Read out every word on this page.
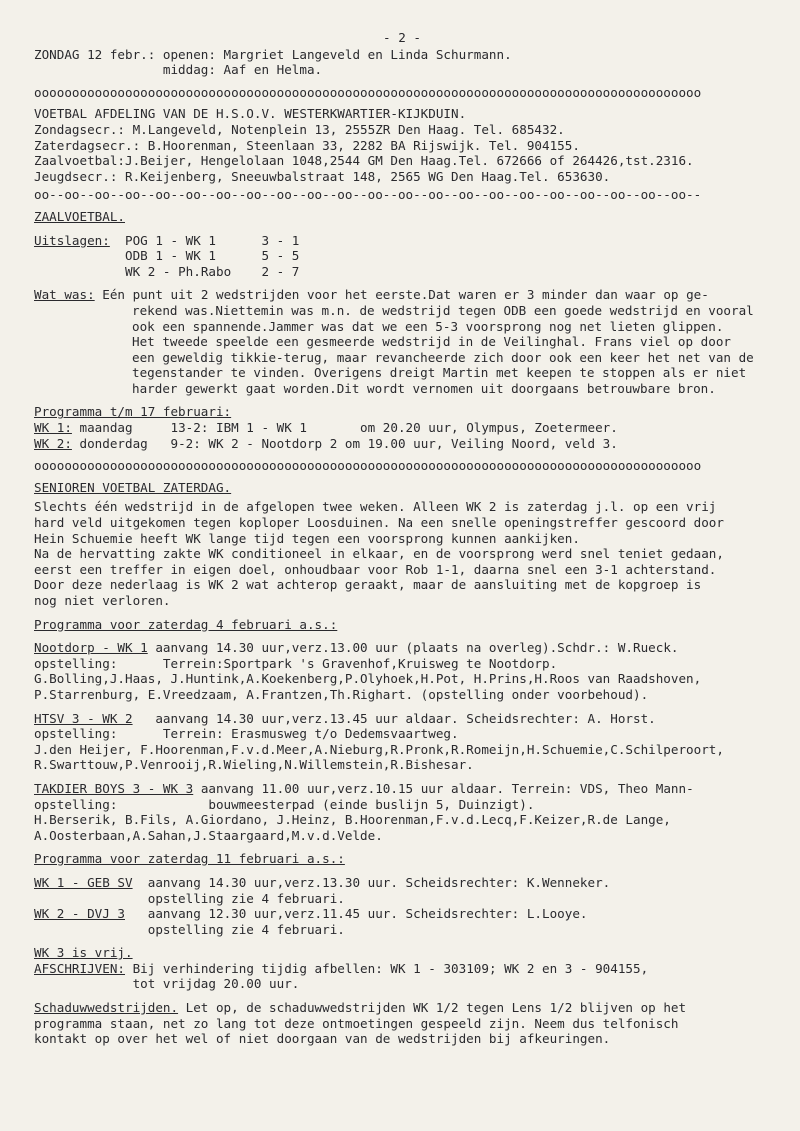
- 2 -
ZONDAG 12 febr.: openen: Margriet Langeveld en Linda Schurmann.
middag: Aaf en Helma.
oooooooooooooooooooooooooooooooooooooooooooooooooooooooooooooooooooooooooooooooooooooooo
VOETBAL AFDELING VAN DE H.S.O.V. WESTERKWARTIER-KIJKDUIN.
Zondagsecr.: M.Langeveld, Notenplein 13, 2555ZR Den Haag. Tel. 685432.
Zaterdagsecr.: B.Hoorenman, Steenlaan 33, 2282 BA Rijswijk. Tel. 904155.
Zaalvoetbal:J.Beijer, Hengelolaan 1048,2544 GM Den Haag.Tel. 672666 of 264426,tst.2316.
Jeugdsecr.: R.Keijenberg, Sneeuwbalstraat 148, 2565 WG Den Haag.Tel. 653630.
oo--oo--oo--oo--oo--oo--oo--oo--oo--oo--oo--oo--oo--oo--oo--oo--oo--oo--oo--oo--oo--oo--
ZAALVOETBAL.
Uitslagen: POG 1 - WK 1      3 - 1
ODB 1 - WK 1      5 - 5
WK 2 - Ph.Rabo    2 - 7
Wat was: Eén punt uit 2 wedstrijden voor het eerste.Dat waren er 3 minder dan waar op ge-
rekend was.Niettemin was m.n. de wedstrijd tegen ODB een goede wedstrijd en vooral
ook een spannende.Jammer was dat we een 5-3 voorsprong nog net lieten glippen.
Het tweede speelde een gesmeerde wedstrijd in de Veilinghal. Frans viel op door
een geweldig tikkie-terug, maar revancheerde zich door ook een keer het net van de
tegenstander te vinden. Overigens dreigt Martin met keepen te stoppen als er niet
harder gewerkt gaat worden.Dit wordt vernomen uit doorgaans betrouwbare bron.
Programma t/m 17 februari:
WK 1: maandag     13-2: IBM 1 - WK 1       om 20.20 uur, Olympus, Zoetermeer.
WK 2: donderdag   9-2: WK 2 - Nootdorp 2 om 19.00 uur, Veiling Noord, veld 3.
oooooooooooooooooooooooooooooooooooooooooooooooooooooooooooooooooooooooooooooooooooooooo
SENIOREN VOETBAL ZATERDAG.
Slechts één wedstrijd in de afgelopen twee weken. Alleen WK 2 is zaterdag j.l. op een vrij
hard veld uitgekomen tegen koploper Loosduinen. Na een snelle openingstreffer gescoord door
Hein Schuemie heeft WK lange tijd tegen een voorsprong kunnen aankijken.
Na de hervatting zakte WK conditioneel in elkaar, en de voorsprong werd snel teniet gedaan,
eerst een treffer in eigen doel, onhoudbaar voor Rob 1-1, daarna snel een 3-1 achterstand.
Door deze nederlaag is WK 2 wat achterop geraakt, maar de aansluiting met de kopgroep is
nog niet verloren.
Programma voor zaterdag 4 februari a.s.:
Nootdorp - WK 1 aanvang 14.30 uur,verz.13.00 uur (plaats na overleg).Schdr.: W.Rueck.
opstelling:      Terrein:Sportpark 's Gravenhof,Kruisweg te Nootdorp.
G.Bolling,J.Haas, J.Huntink,A.Koekenberg,P.Olyhoek,H.Pot, H.Prins,H.Roos van Raadshoven,
P.Starrenburg, E.Vreedzaam, A.Frantzen,Th.Righart. (opstelling onder voorbehoud).
HTSV 3 - WK 2   aanvang 14.30 uur,verz.13.45 uur aldaar. Scheidsrechter: A. Horst.
opstelling:      Terrein: Erasmusweg t/o Dedemsvaartweg.
J.den Heijer, F.Hoorenman,F.v.d.Meer,A.Nieburg,R.Pronk,R.Romeijn,H.Schuemie,C.Schilperoort,
R.Swarttouw,P.Venrooij,R.Wieling,N.Willemstein,R.Bishesar.
TAKDIER BOYS 3 - WK 3 aanvang 11.00 uur,verz.10.15 uur aldaar. Terrein: VDS, Theo Mann-
opstelling:            bouwmeesterpad (einde buslijn 5, Duinzigt).
H.Berserik, B.Fils, A.Giordano, J.Heinz, B.Hoorenman,F.v.d.Lecq,F.Keizer,R.de Lange,
A.Oosterbaan,A.Sahan,J.Staargaard,M.v.d.Velde.
Programma voor zaterdag 11 februari a.s.:
WK 1 - GEB SV  aanvang 14.30 uur,verz.13.30 uur. Scheidsrechter: K.Wenneker.
opstelling zie 4 februari.
WK 2 - DVJ 3   aanvang 12.30 uur,verz.11.45 uur. Scheidsrechter: L.Looye.
opstelling zie 4 februari.
WK 3 is vrij.
AFSCHRIJVEN: Bij verhindering tijdig afbellen: WK 1 - 303109; WK 2 en 3 - 904155,
tot vrijdag 20.00 uur.
Schaduwwedstrijden. Let op, de schaduwwedstrijden WK 1/2 tegen Lens 1/2 blijven op het
programma staan, net zo lang tot deze ontmoetingen gespeeld zijn. Neem dus telfonisch
kontakt op over het wel of niet doorgaan van de wedstrijden bij afkeuringen.
